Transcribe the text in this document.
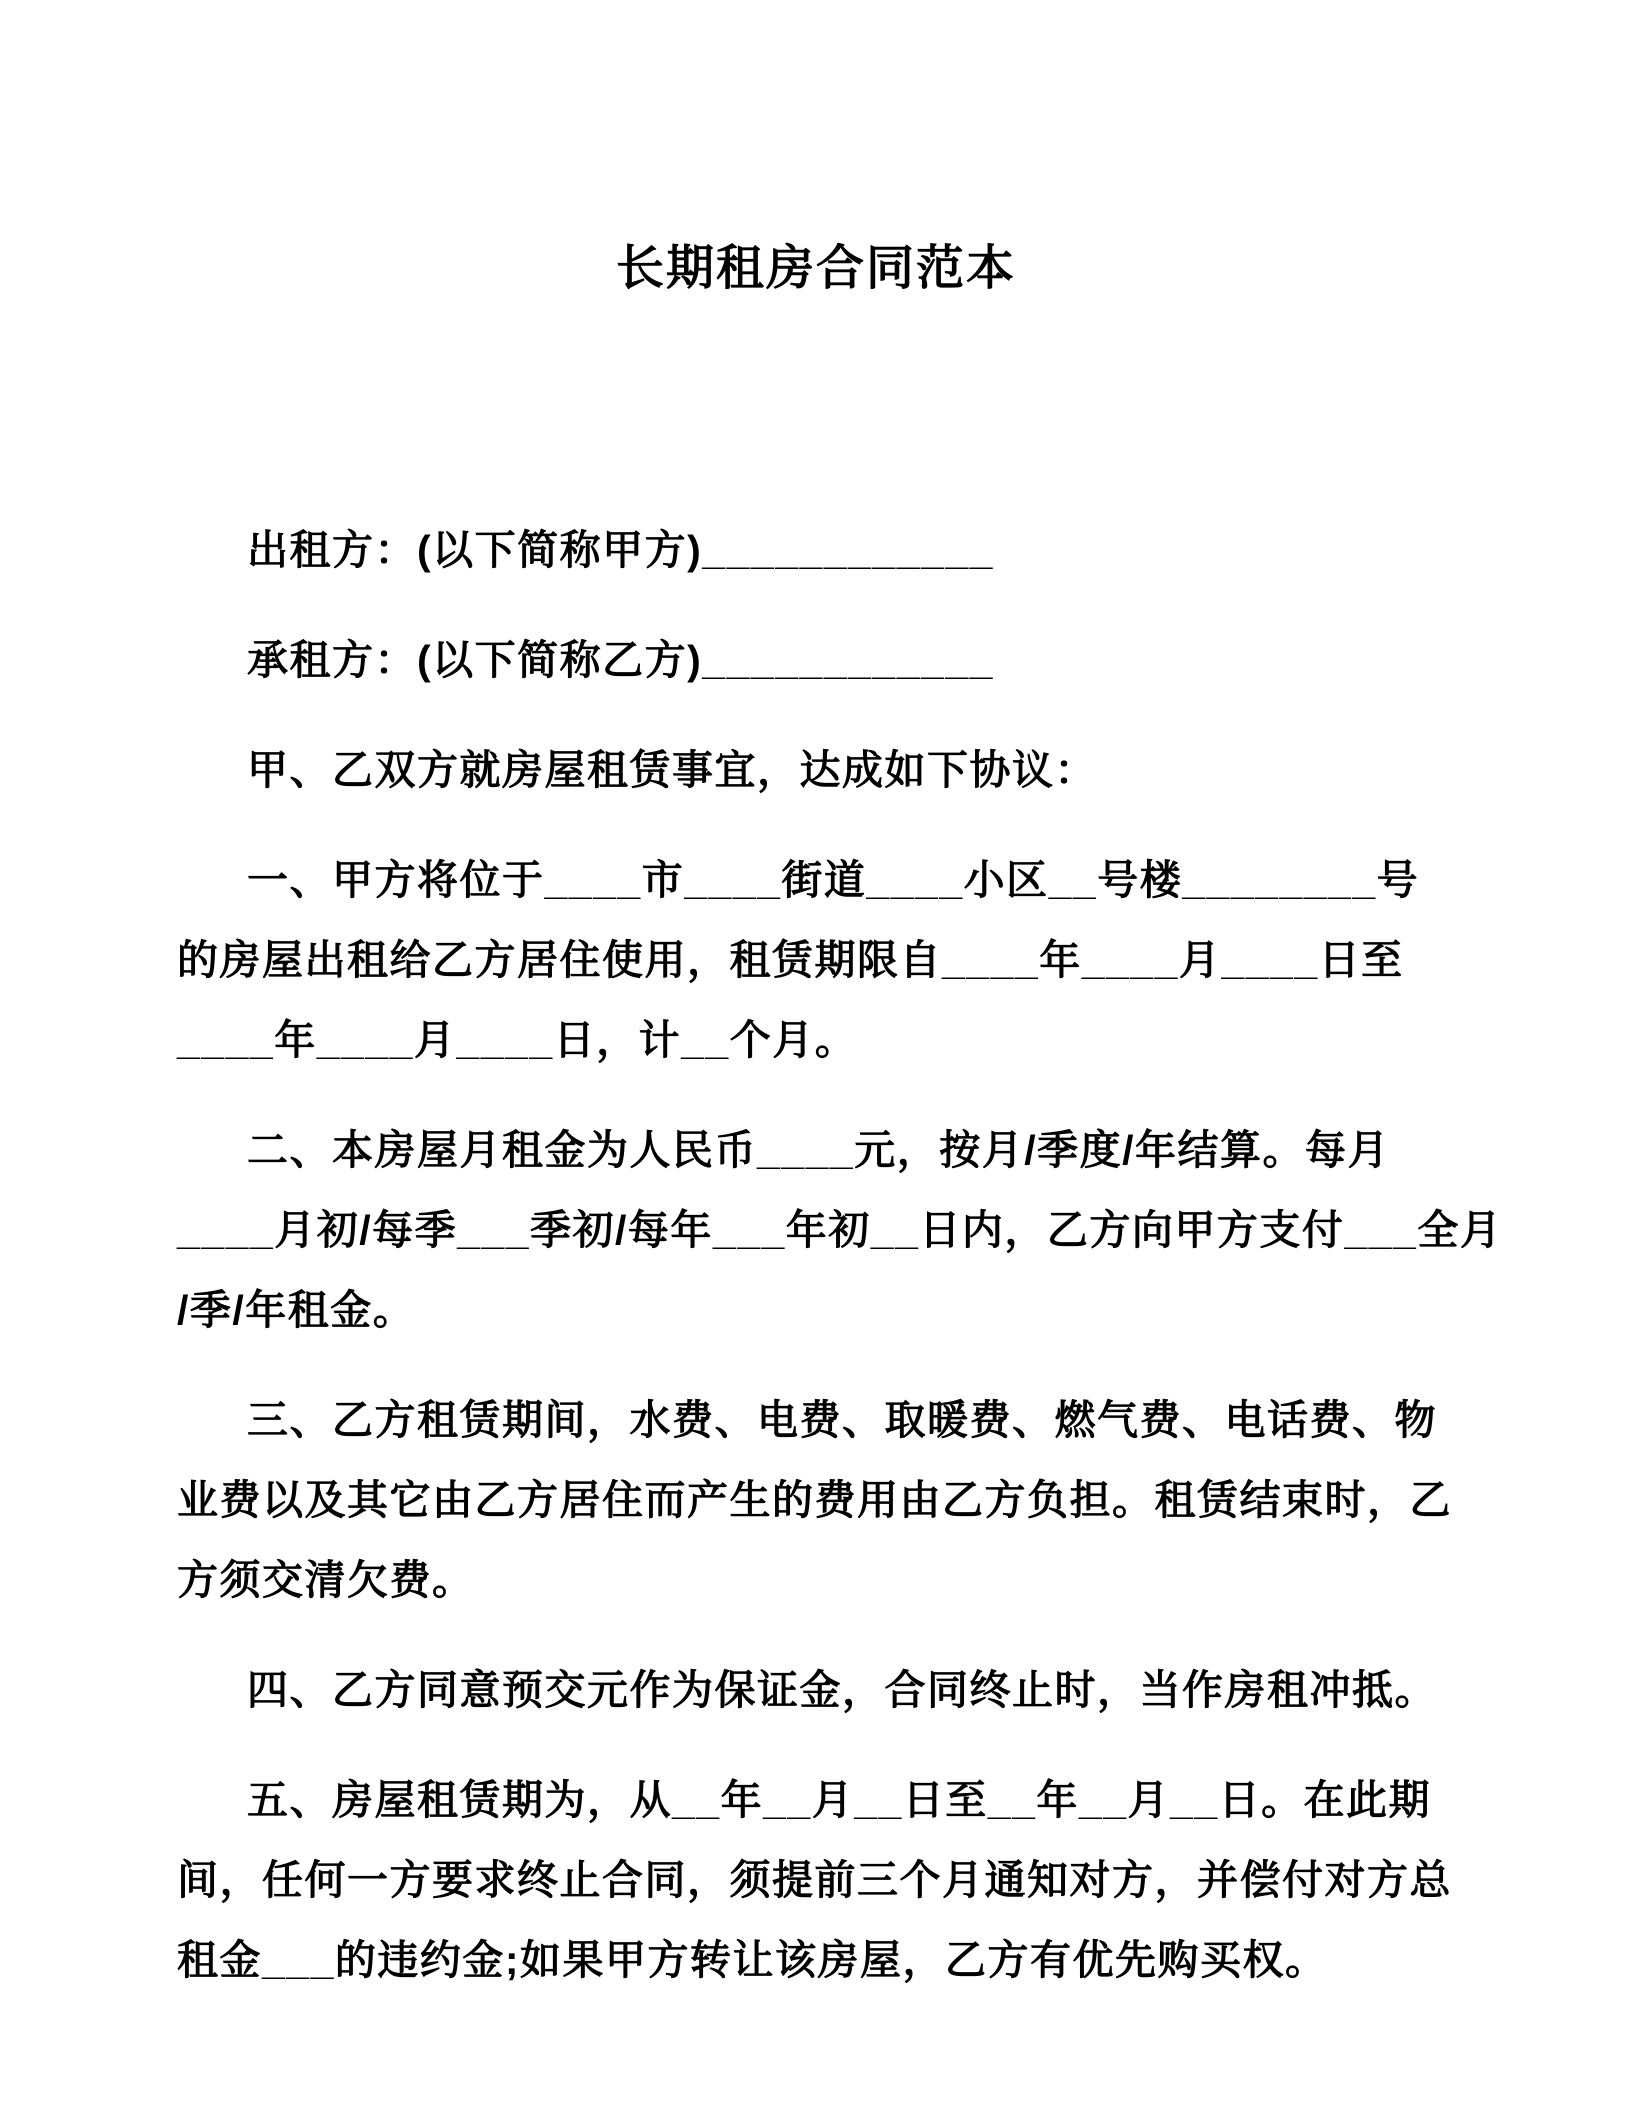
长期租房合同范本

出租方：(以下简称甲方)____________

承租方：(以下简称乙方)____________

甲、乙双方就房屋租赁事宜，达成如下协议：

一、甲方将位于____市____街道____小区__号楼________号
的房屋出租给乙方居住使用，租赁期限自____年____月____日至
____年____月____日，计__个月。

二、本房屋月租金为人民币____元，按月/季度/年结算。每月
____月初/每季___季初/每年___年初__日内，乙方向甲方支付___全月
/季/年租金。

三、乙方租赁期间，水费、电费、取暖费、燃气费、电话费、物
业费以及其它由乙方居住而产生的费用由乙方负担。租赁结束时，乙
方须交清欠费。

四、乙方同意预交元作为保证金，合同终止时，当作房租冲抵。

五、房屋租赁期为，从__年__月__日至__年__月__日。在此期
间，任何一方要求终止合同，须提前三个月通知对方，并偿付对方总
租金___的违约金;如果甲方转让该房屋，乙方有优先购买权。
